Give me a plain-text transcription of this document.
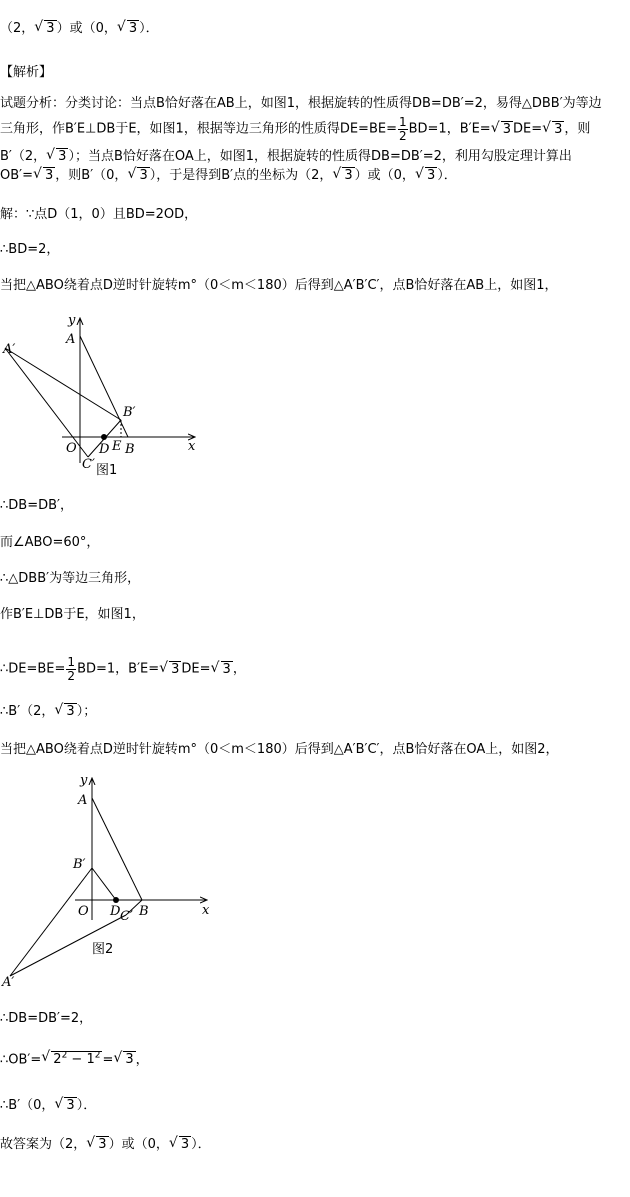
（2， √ 3 ）或（0， √ 3 ）．
【解析】
试题分析：分类讨论：当点B恰好落在AB上，如图1，根据旋转的性质得DB=DB′=2，易得△DBB′为等边
三角形，作B′E⊥DB于E，如图1，根据等边三角形的性质得$DE=BE= \frac{1}{2} BD=1$，B′E= √ 3 DE= √ 3 ，则
B′（2， √ 3 ）；当点B恰好落在OA上，如图1，根据旋转的性质得DB=DB′=2，利用勾股定理计算出
OB′= √ 3 ，则B′（0， √ 3 ），于是得到B′点的坐标为（2， √ 3 ）或（0， √ 3 ）．
解：∵点D（1，0）且BD=2OD，
∴BD=2，
当把△ABO绕着点D逆时针旋转m°（0＜m＜180）后得到△A′B′C′，点B恰好落在AB上，如图1，
y
A
A′
B′
O D E B
C′
x
图1
∴DB=DB′，
而∠ABO=60°，
∴△DBB′为等边三角形，
作B′E⊥DB于E，如图1，
∴DE=BE= $\frac{1}{2} BD=1$，B′E= √ 3 DE= √ 3 ，
∴B′（2， √ 3 ）；
当把△ABO绕着点D逆时针旋转m°（0＜m＜180）后得到△A′B′C′，点B恰好落在OA上，如图2，
y
A
B′
O D C′ B	x
A′
图2
∴DB=DB′=2，
∴OB′= √ $2^2 - 1^2$ = √ 3 ，
∴B′（0， √ 3 ）．
故答案为（2， √ 3 ）或（0， √ 3 ）．
